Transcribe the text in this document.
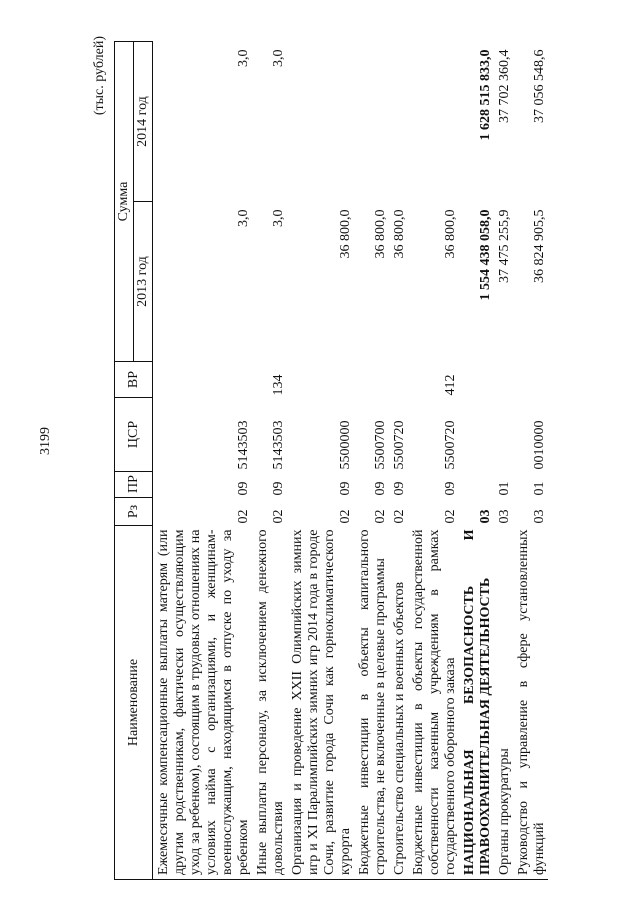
3199
(тыс. рублей)
Наименование	Рз	ПР	ЦСР	ВР	Сумма	
					2013 год	2014 год
Ежемесячные компенсационные выплаты матерям (или другим родственникам, фактически осуществляющим уход за ребенком), состоящим в трудовых отношениях на условиях найма с организациями, и женщинам-военнослужащим, находящимся в отпуске по уходу за ребенком	02	09	5143503		3,0	3,0
Иные выплаты персоналу, за исключением денежного довольствия	02	09	5143503	134	3,0	3,0
Организация и проведение XXII Олимпийских зимних игр и XI Паралимпийских зимних игр 2014 года в городе Сочи, развитие города Сочи как горноклиматического курорта	02	09	5500000		36 800,0	
Бюджетные инвестиции в объекты капитального строительства, не включенные в целевые программы	02	09	5500700		36 800,0	
Строительство специальных и военных объектов	02	09	5500720		36 800,0	
Бюджетные инвестиции в объекты государственной собственности казенным учреждениям в рамках государственного оборонного заказа	02	09	5500720	412	36 800,0	
НАЦИОНАЛЬНАЯ БЕЗОПАСНОСТЬ И ПРАВООХРАНИТЕЛЬНАЯ ДЕЯТЕЛЬНОСТЬ	03				1 554 438 058,0	1 628 515 833,0
Органы прокуратуры	03	01			37 475 255,9	37 702 360,4
Руководство и управление в сфере установленных функций	03	01	0010000		36 824 905,5	37 056 548,6
